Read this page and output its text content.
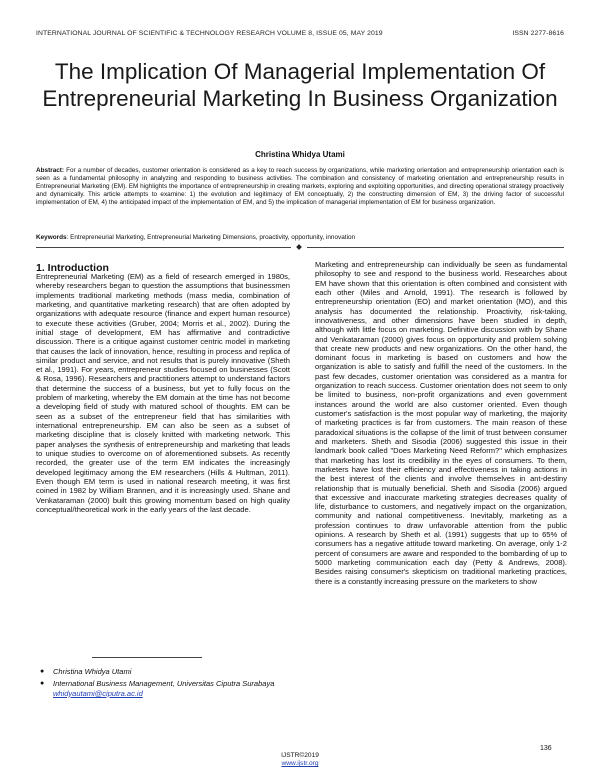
INTERNATIONAL JOURNAL OF SCIENTIFIC & TECHNOLOGY RESEARCH VOLUME 8, ISSUE 05, MAY 2019	ISSN 2277-8616
The Implication Of Managerial Implementation Of Entrepreneurial Marketing In Business Organization
Christina Whidya Utami
Abstract: For a number of decades, customer orientation is considered as a key to reach success by organizations, while marketing orientation and entrepreneurship orientation each is seen as a fundamental philosophy in analyzing and responding to business activities. The combination and consistency of marketing orientation and entrepreneurship results in Entrepreneurial Marketing (EM). EM highlights the importance of entrepreneurship in creating markets, exploring and exploiting opportunities, and directing operational strategy proactively and dynamically. This article attempts to examine: 1) the evolution and legitimacy of EM conceptually, 2) the constructing dimension of EM, 3) the driving factor of successful implementation of EM, 4) the anticipated impact of the implementation of EM, and 5) the implication of managerial implementation of EM for business organization.
Keywords: Entrepreneurial Marketing, Entrepreneurial Marketing Dimensions, proactivity, opportunity, innovation
1. Introduction
Entrepreneurial Marketing (EM) as a field of research emerged in 1980s, whereby researchers began to question the assumptions that businessmen implements traditional marketing methods (mass media, combination of marketing, and quantitative marketing research) that are often adopted by organizations with adequate resource (finance and expert human resource) to execute these activities (Gruber, 2004; Morris et al., 2002). During the initial stage of development, EM has affirmative and contradictive discussion. There is a critique against customer centric model in marketing that causes the lack of innovation, hence, resulting in process and replica of similar product and service, and not results that is purely innovative (Sheth et al., 1991). For years, entrepreneur studies focused on businesses (Scott & Rosa, 1996). Researchers and practitioners attempt to understand factors that determine the success of a business, but yet to fully focus on the problem of marketing, whereby the EM domain at the time has not become a developing field of study with matured school of thoughts. EM can be seen as a subset of the entrepreneur field that has similarities with international entrepreneurship. EM can also be seen as a subset of marketing discipline that is closely knitted with marketing network. This paper analyses the synthesis of entrepreneurship and marketing that leads to unique studies to overcome on of aforementioned subsets. As recently recorded, the greater use of the term EM indicates the increasingly developed legitimacy among the EM researchers (Hills & Hultman, 2011). Even though EM term is used in national research meeting, it was first coined in 1982 by William Brannen, and it is increasingly used. Shane and Venkataraman (2000) built this growing momentum based on high quality conceptual/theoretical work in the early years of the last decade.
Marketing and entrepreneurship can individually be seen as fundamental philosophy to see and respond to the business world. Researches about EM have shown that this orientation is often combined and consistent with each other (Miles and Arnold, 1991). The research is followed by entrepreneurship orientation (EO) and market orientation (MO), and this analysis has documented the relationship. Proactivity, risk-taking, innovativeness, and other dimensions have been studied in depth, although with little focus on marketing. Definitive discussion with by Shane and Venkataraman (2000) gives focus on opportunity and problem solving that create new products and new organizations. On the other hand, the dominant focus in marketing is based on customers and how the organization is able to satisfy and fulfill the need of the customers. In the past few decades, customer orientation was considered as a mantra for organization to reach success. Customer orientation does not seem to only be limited to business, non-profit organizations and even government instances around the world are also customer oriented. Even though customer's satisfaction is the most popular way of marketing, the majority of marketing practices is far from customers. The main reason of these paradoxical situations is the collapse of the limit of trust between consumer and marketers. Sheth and Sisodia (2006) suggested this issue in their landmark book called "Does Marketing Need Reform?" which emphasizes that marketing has lost its credibility in the eyes of consumers. To them, marketers have lost their efficiency and effectiveness in taking actions in the best interest of the clients and involve themselves in ant-destiny relationship that is mutually beneficial. Sheth and Sisodia (2006) argued that excessive and inaccurate marketing strategies decreases quality of life, disturbance to customers, and negatively impact on the organization, community and national competitiveness. Inevitably, marketing as a profession continues to draw unfavorable attention from the public opinions. A research by Sheth et al. (1991) suggests that up to 65% of consumers has a negative attitude toward marketing. On average, only 1-2 percent of consumers are aware and responded to the bombarding of up to 5000 marketing communication each day (Petty & Andrews, 2008). Besides raising consumer's skepticism on traditional marketing practices, there is a constantly increasing pressure on the marketers to show
● Christina Whidya Utami
● International Business Management, Universitas Ciputra Surabaya whidyautami@ciputra.ac.id
136
IJSTR©2019
www.ijstr.org
